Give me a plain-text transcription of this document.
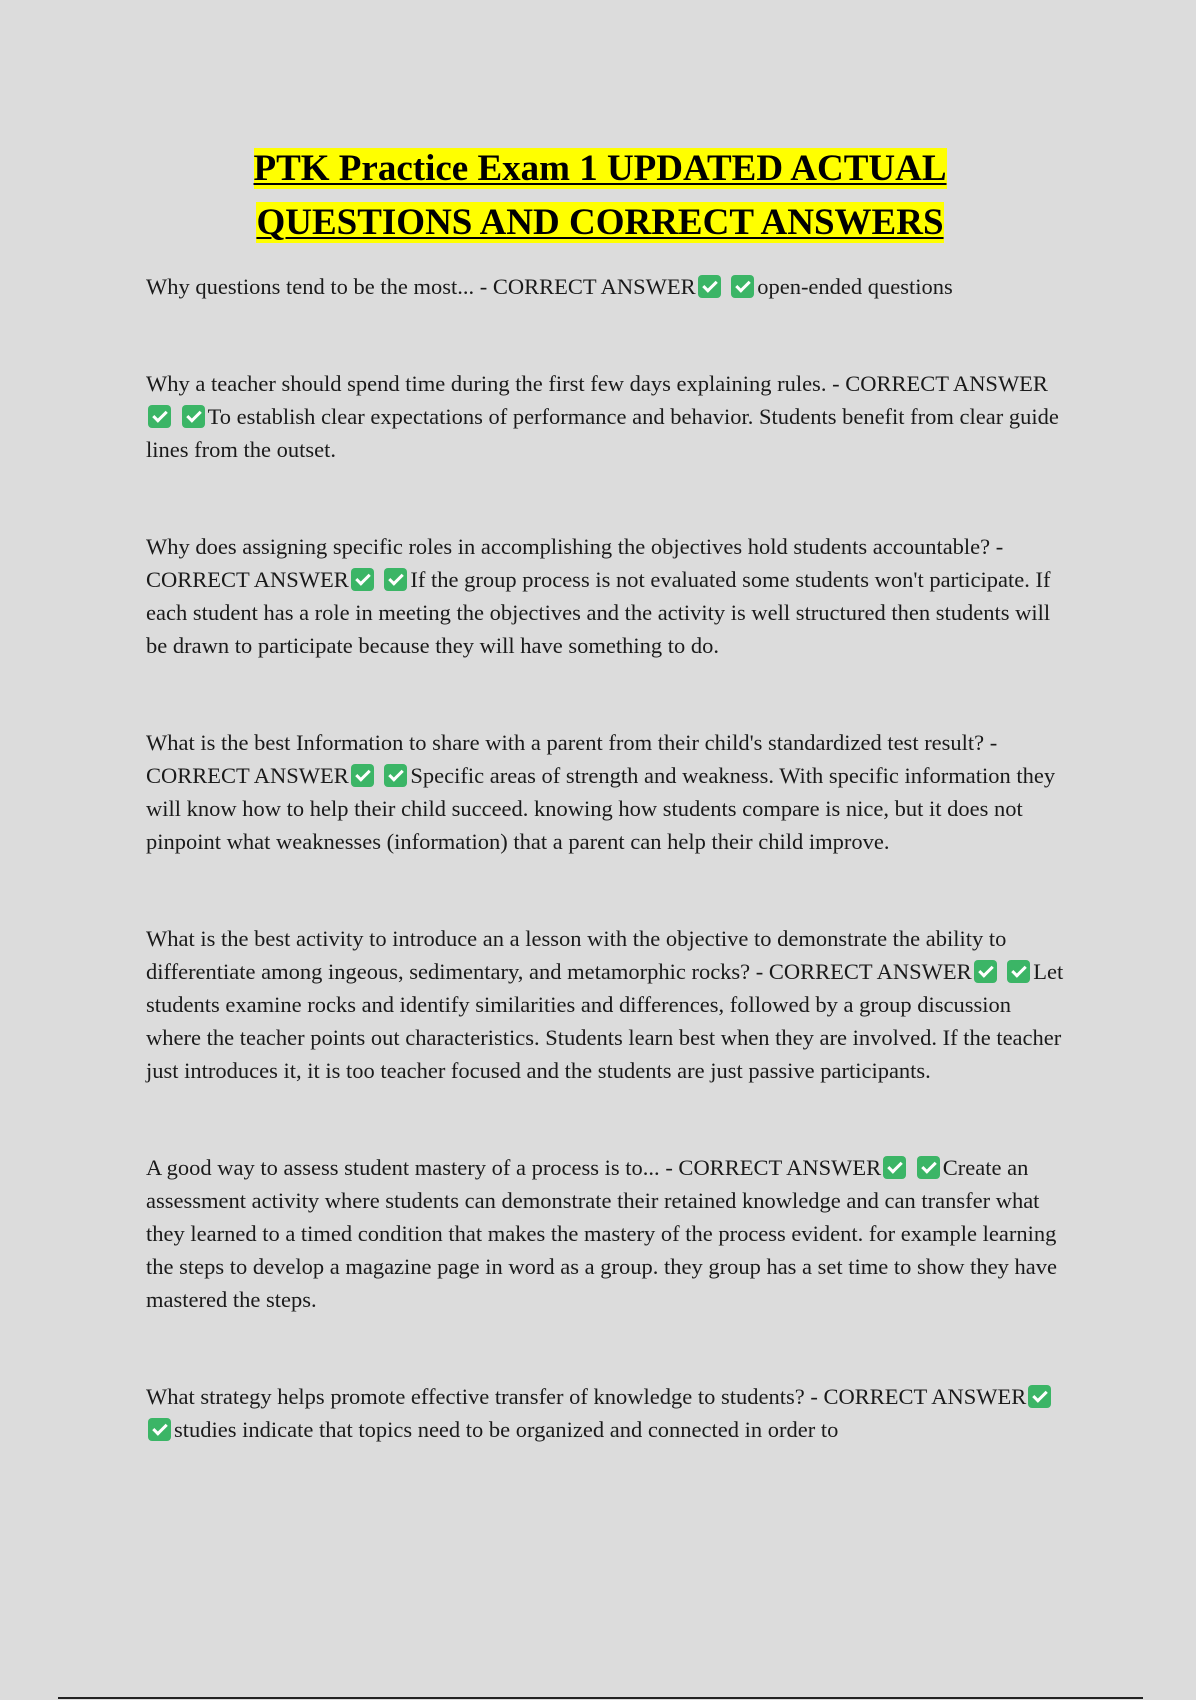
PTK Practice Exam 1 UPDATED ACTUAL
QUESTIONS AND CORRECT ANSWERS

Why questions tend to be the most... - CORRECT ANSWER	open-ended questions

Why a teacher should spend time during the first few days explaining rules. - CORRECT ANSWER To establish clear expectations of performance and behavior. Students benefit from clear guide lines from the outset.

Why does assigning specific roles in accomplishing the objectives hold students accountable? - CORRECT ANSWER	If the group process is not evaluated some students won't participate. If each student has a role in meeting the objectives and the activity is well structured then students will be drawn to participate because they will have something to do.

What is the best Information to share with a parent from their child's standardized test result? - CORRECT ANSWER	Specific areas of strength and weakness. With specific information they will know how to help their child succeed. knowing how students compare is nice, but it does not pinpoint what weaknesses (information) that a parent can help their child improve.

What is the best activity to introduce an a lesson with the objective to demonstrate the ability to differentiate among ingeous, sedimentary, and metamorphic rocks? - CORRECT ANSWER	Let students examine rocks and identify similarities and differences, followed by a group discussion where the teacher points out characteristics. Students learn best when they are involved. If the teacher just introduces it, it is too teacher focused and the students are just passive participants.

A good way to assess student mastery of a process is to... - CORRECT ANSWER	Create an assessment activity where students can demonstrate their retained knowledge and can transfer what they learned to a timed condition that makes the mastery of the process evident. for example learning the steps to develop a magazine page in word as a group. they group has a set time to show they have mastered the steps.

What strategy helps promote effective transfer of knowledge to students? - CORRECT ANSWER studies indicate that topics need to be organized and connected in order to
